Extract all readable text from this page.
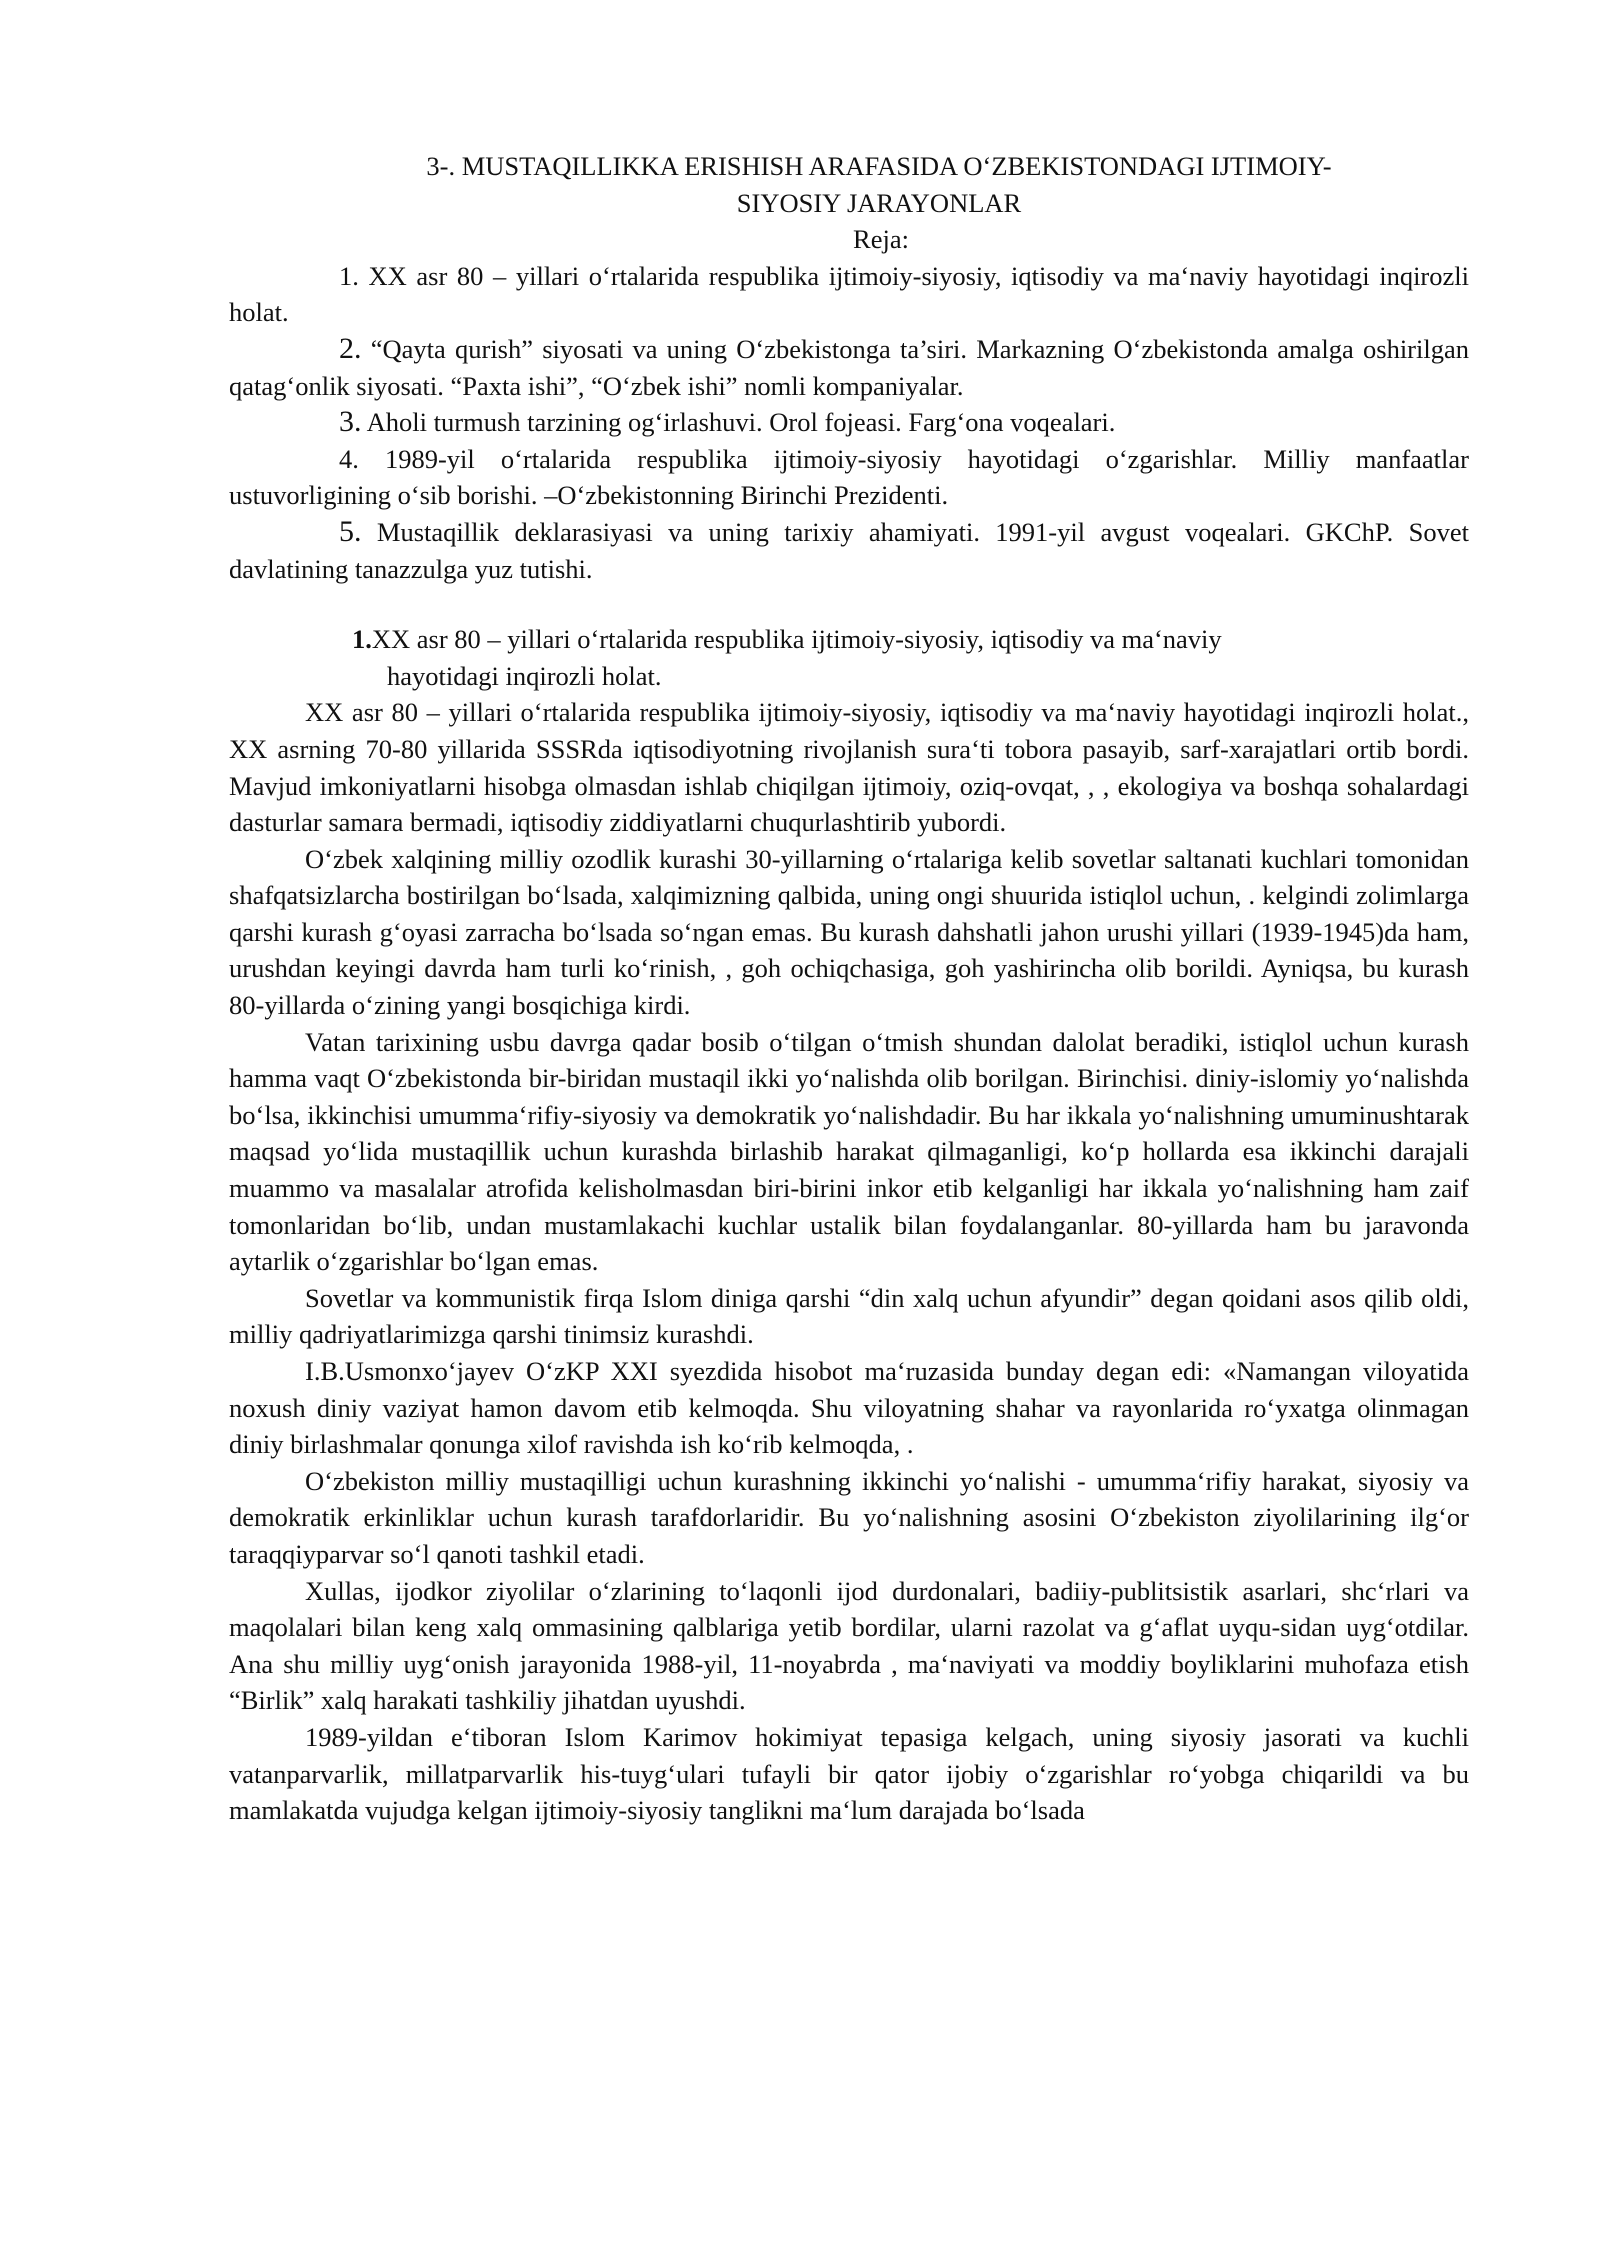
3-. MUSTAQILLIKKA ERISHISH ARAFASIDA O‘ZBEKISTONDAGI IJTIMOIY-
SIYOSIY JARAYONLAR

Reja:

1. XX asr 80 – yillari o‘rtalarida respublika ijtimoiy-siyosiy, iqtisodiy va ma‘naviy hayotidagi inqirozli holat.
2. “Qayta qurish” siyosati va uning O‘zbekistonga ta’siri. Markazning O‘zbekistonda amalga oshirilgan qatag‘onlik siyosati. “Paxta ishi”, “O‘zbek ishi” nomli kompaniyalar.
3. Aholi turmush tarzining og‘irlashuvi. Orol fojeasi. Farg‘ona voqealari.
4. 1989-yil o‘rtalarida respublika ijtimoiy-siyosiy hayotidagi o‘zgarishlar. Milliy manfaatlar ustuvorligining o‘sib borishi. –O‘zbekistonning Birinchi Prezidenti.
5. Mustaqillik deklarasiyasi va uning tarixiy ahamiyati. 1991-yil avgust voqealari. GKChP. Sovet davlatining tanazzulga yuz tutishi.
1.XX asr 80 – yillari o‘rtalarida respublika ijtimoiy-siyosiy, iqtisodiy va ma‘naviy
hayotidagi inqirozli holat.

XX asr 80 – yillari o‘rtalarida respublika ijtimoiy-siyosiy, iqtisodiy va ma‘naviy hayotidagi inqirozli holat., XX asrning 70-80 yillarida SSSRda iqtisodiyotning rivojlanish sura‘ti tobora pasayib, sarf-xarajatlari ortib bordi. Mavjud imkoniyatlarni hisobga olmasdan ishlab chiqilgan ijtimoiy, oziq-ovqat, , , ekologiya va boshqa sohalardagi dasturlar samara bermadi, iqtisodiy ziddiyatlarni chuqurlashtirib yubordi.

O‘zbek xalqining milliy ozodlik kurashi 30-yillarning o‘rtalariga kelib sovetlar saltanati kuchlari tomonidan shafqatsizlarcha bostirilgan bo‘lsada, xalqimizning qalbida, uning ongi shuurida istiqlol uchun, . kelgindi zolimlarga qarshi kurash g‘oyasi zarracha bo‘lsada so‘ngan emas. Bu kurash dahshatli jahon urushi yillari (1939-1945)da ham, urushdan keyingi davrda ham turli ko‘rinish, , goh ochiqchasiga, goh yashirincha olib borildi. Ayniqsa, bu kurash 80-yillarda o‘zining yangi bosqichiga kirdi.

Vatan tarixining usbu davrga qadar bosib o‘tilgan o‘tmish shundan dalolat beradiki, istiqlol uchun kurash hamma vaqt O‘zbekistonda bir-biridan mustaqil ikki yo‘nalishda olib borilgan. Birinchisi. diniy-islomiy yo‘nalishda bo‘lsa, ikkinchisi umumma‘rifiy-siyosiy va demokratik yo‘nalishdadir. Bu har ikkala yo‘nalishning umuminushtarak maqsad yo‘lida mustaqillik uchun kurashda birlashib harakat qilmaganligi, ko‘p hollarda esa ikkinchi darajali muammo va masalalar atrofida kelisholmasdan biri-birini inkor etib kelganligi har ikkala yo‘nalishning ham zaif tomonlaridan bo‘lib, undan mustamlakachi kuchlar ustalik bilan foydalanganlar. 80-yillarda ham bu jaravonda aytarlik o‘zgarishlar bo‘lgan emas.

Sovetlar va kommunistik firqa Islom diniga qarshi “din xalq uchun afyundir” degan qoidani asos qilib oldi, milliy qadriyatlarimizga qarshi tinimsiz kurashdi.

I.B.Usmonxo‘jayev O‘zKP XXI syezdida hisobot ma‘ruzasida bunday degan edi: «Namangan viloyatida noxush diniy vaziyat hamon davom etib kelmoqda. Shu viloyatning shahar va rayonlarida ro‘yxatga olinmagan diniy birlashmalar qonunga xilof ravishda ish ko‘rib kelmoqda, .

O‘zbekiston milliy mustaqilligi uchun kurashning ikkinchi yo‘nalishi - umumma‘rifiy harakat, siyosiy va demokratik erkinliklar uchun kurash tarafdorlaridir. Bu yo‘nalishning asosini O‘zbekiston ziyolilarining ilg‘or taraqqiyparvar so‘l qanoti tashkil etadi.

Xullas, ijodkor ziyolilar o‘zlarining to‘laqonli ijod durdonalari, badiiy-publitsistik asarlari, shc‘rlari va maqolalari bilan keng xalq ommasining qalblariga yetib bordilar, ularni razolat va g‘aflat uyqu-sidan uyg‘otdilar. Ana shu milliy uyg‘onish jarayonida 1988-yil, 11-noyabrda , ma‘naviyati va moddiy boyliklarini muhofaza etish “Birlik” xalq harakati tashkiliy jihatdan uyushdi.

1989-yildan e‘tiboran Islom Karimov hokimiyat tepasiga kelgach, uning siyosiy jasorati va kuchli vatanparvarlik, millatparvarlik his-tuyg‘ulari tufayli bir qator ijobiy o‘zgarishlar ro‘yobga chiqarildi va bu mamlakatda vujudga kelgan ijtimoiy-siyosiy tanglikni ma‘lum darajada bo‘lsada
